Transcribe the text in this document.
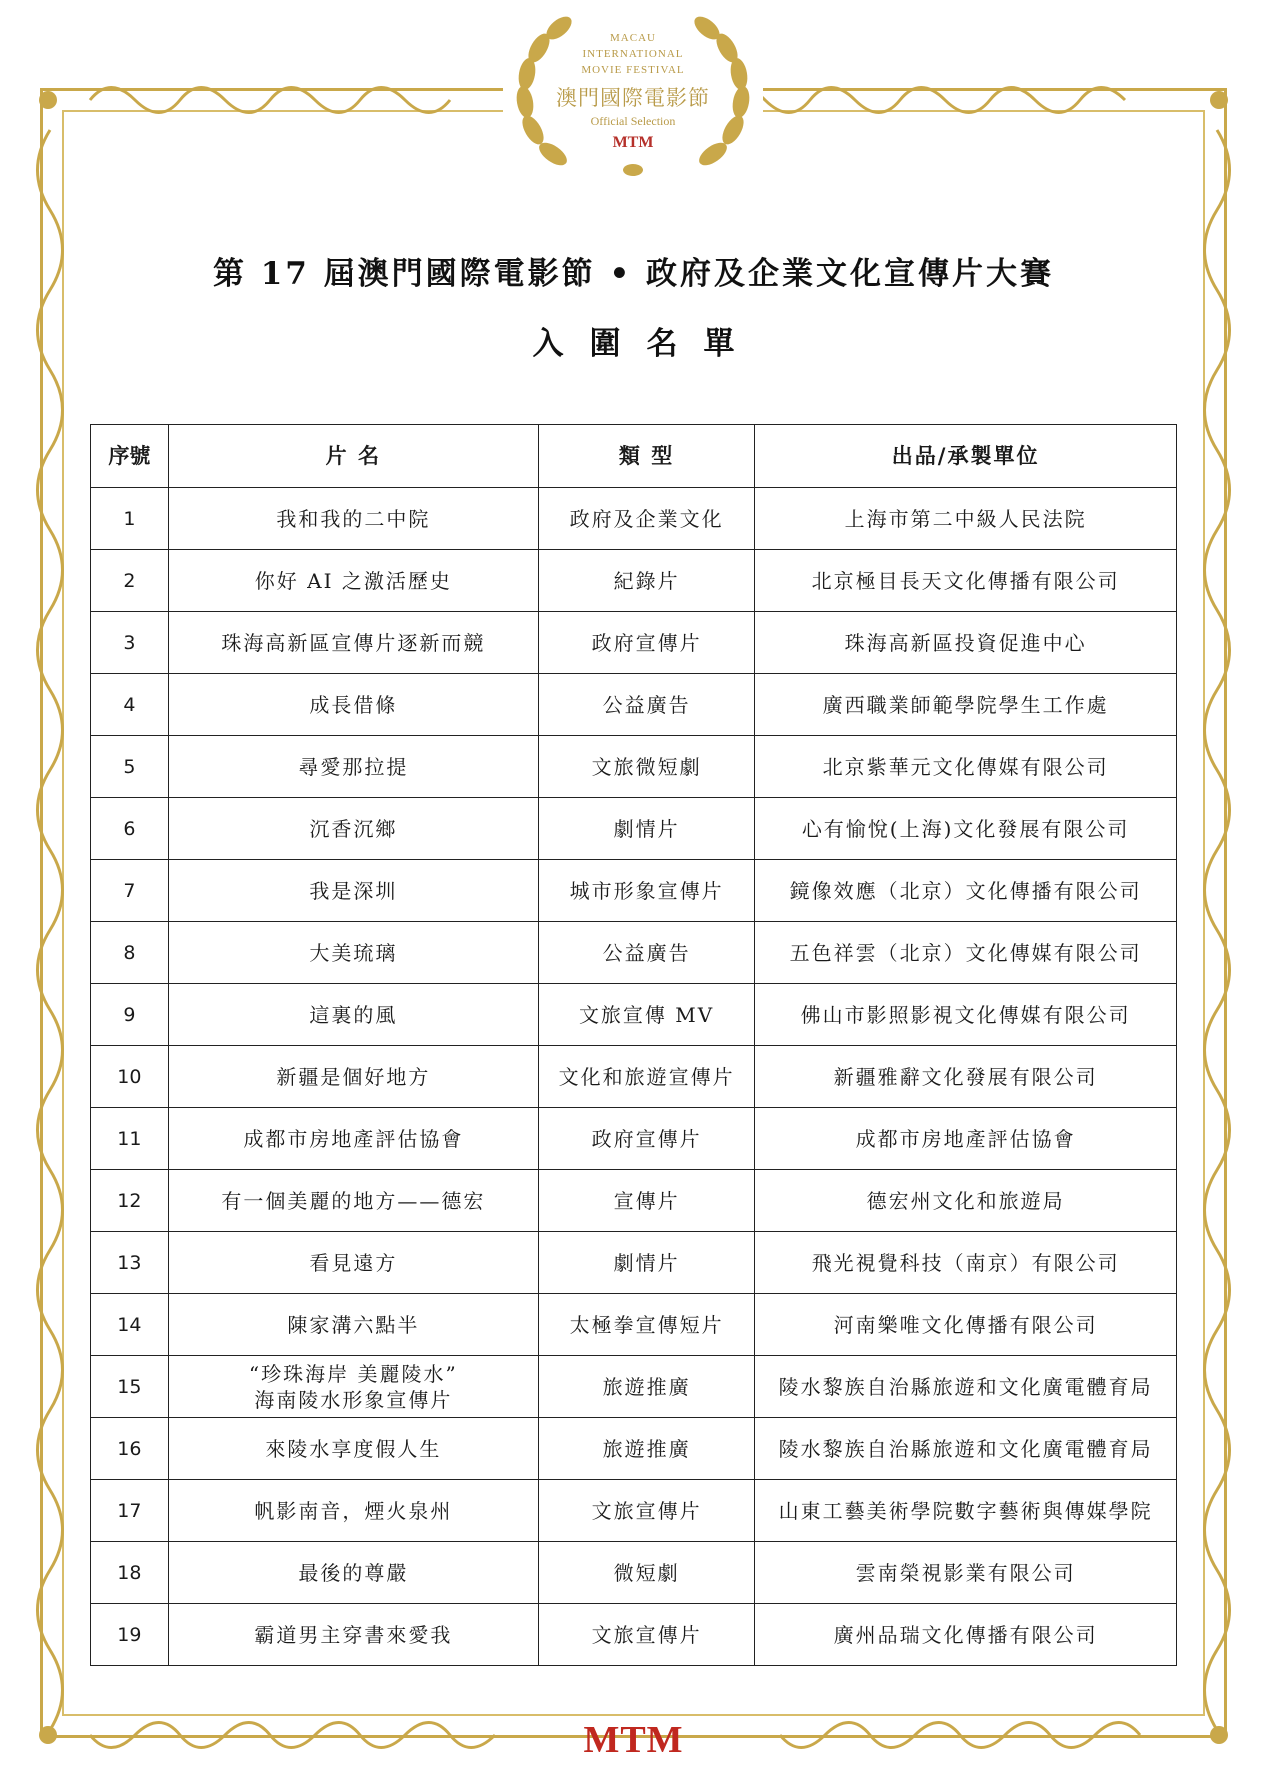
MACAU
INTERNATIONAL
MOVIE FESTIVAL
澳門國際電影節
Official Selection
MTM
第 17 屆澳門國際電影節 • 政府及企業文化宣傳片大賽
入圍名單
序號	片 名	類 型	出品/承製單位
1	我和我的二中院	政府及企業文化	上海市第二中級人民法院
2	你好 AI 之激活歷史	紀錄片	北京極目長天文化傳播有限公司
3	珠海高新區宣傳片逐新而競	政府宣傳片	珠海高新區投資促進中心
4	成長借條	公益廣告	廣西職業師範學院學生工作處
5	尋愛那拉提	文旅微短劇	北京紫華元文化傳媒有限公司
6	沉香沉鄉	劇情片	心有愉悅(上海)文化發展有限公司
7	我是深圳	城市形象宣傳片	鏡像效應（北京）文化傳播有限公司
8	大美琉璃	公益廣告	五色祥雲（北京）文化傳媒有限公司
9	這裏的風	文旅宣傳 MV	佛山市影照影視文化傳媒有限公司
10	新疆是個好地方	文化和旅遊宣傳片	新疆雅辭文化發展有限公司
11	成都市房地產評估協會	政府宣傳片	成都市房地產評估協會
12	有一個美麗的地方——德宏	宣傳片	德宏州文化和旅遊局
13	看見遠方	劇情片	飛光視覺科技（南京）有限公司
14	陳家溝六點半	太極拳宣傳短片	河南樂唯文化傳播有限公司
15	“珍珠海岸 美麗陵水”
海南陵水形象宣傳片	旅遊推廣	陵水黎族自治縣旅遊和文化廣電體育局
16	來陵水享度假人生	旅遊推廣	陵水黎族自治縣旅遊和文化廣電體育局
17	帆影南音，煙火泉州	文旅宣傳片	山東工藝美術學院數字藝術與傳媒學院
18	最後的尊嚴	微短劇	雲南榮視影業有限公司
19	霸道男主穿書來愛我	文旅宣傳片	廣州品瑞文化傳播有限公司
MTM
